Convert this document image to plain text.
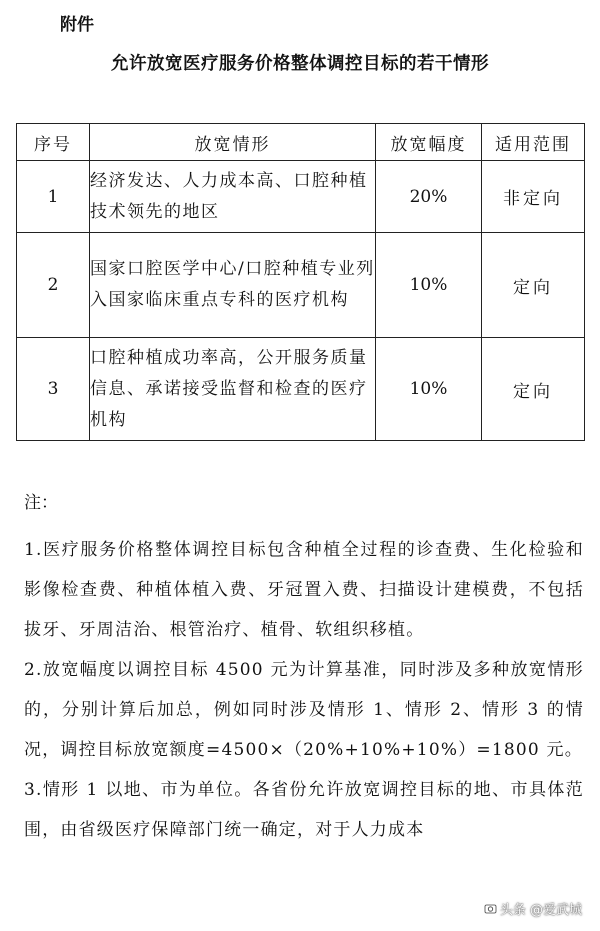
附件
允许放宽医疗服务价格整体调控目标的若干情形
序号	放宽情形	放宽幅度	适用范围
1	经济发达、人力成本高、口腔种植技术领先的地区	20%	非定向
2	国家口腔医学中心/口腔种植专业列入国家临床重点专科的医疗机构	10%	定向
3	口腔种植成功率高，公开服务质量信息、承诺接受监督和检查的医疗机构	10%	定向

注：

1.医疗服务价格整体调控目标包含种植全过程的诊查费、生化检验和影像检查费、种植体植入费、牙冠置入费、扫描设计建模费，不包括拔牙、牙周洁治、根管治疗、植骨、软组织移植。

2.放宽幅度以调控目标 4500 元为计算基准，同时涉及多种放宽情形的，分别计算后加总，例如同时涉及情形 1、情形 2、情形 3 的情况，调控目标放宽额度=4500×（20%+10%+10%）=1800 元。

3.情形 1 以地、市为单位。各省份允许放宽调控目标的地、市具体范围，由省级医疗保障部门统一确定，对于人力成本

头条 @爱武城
